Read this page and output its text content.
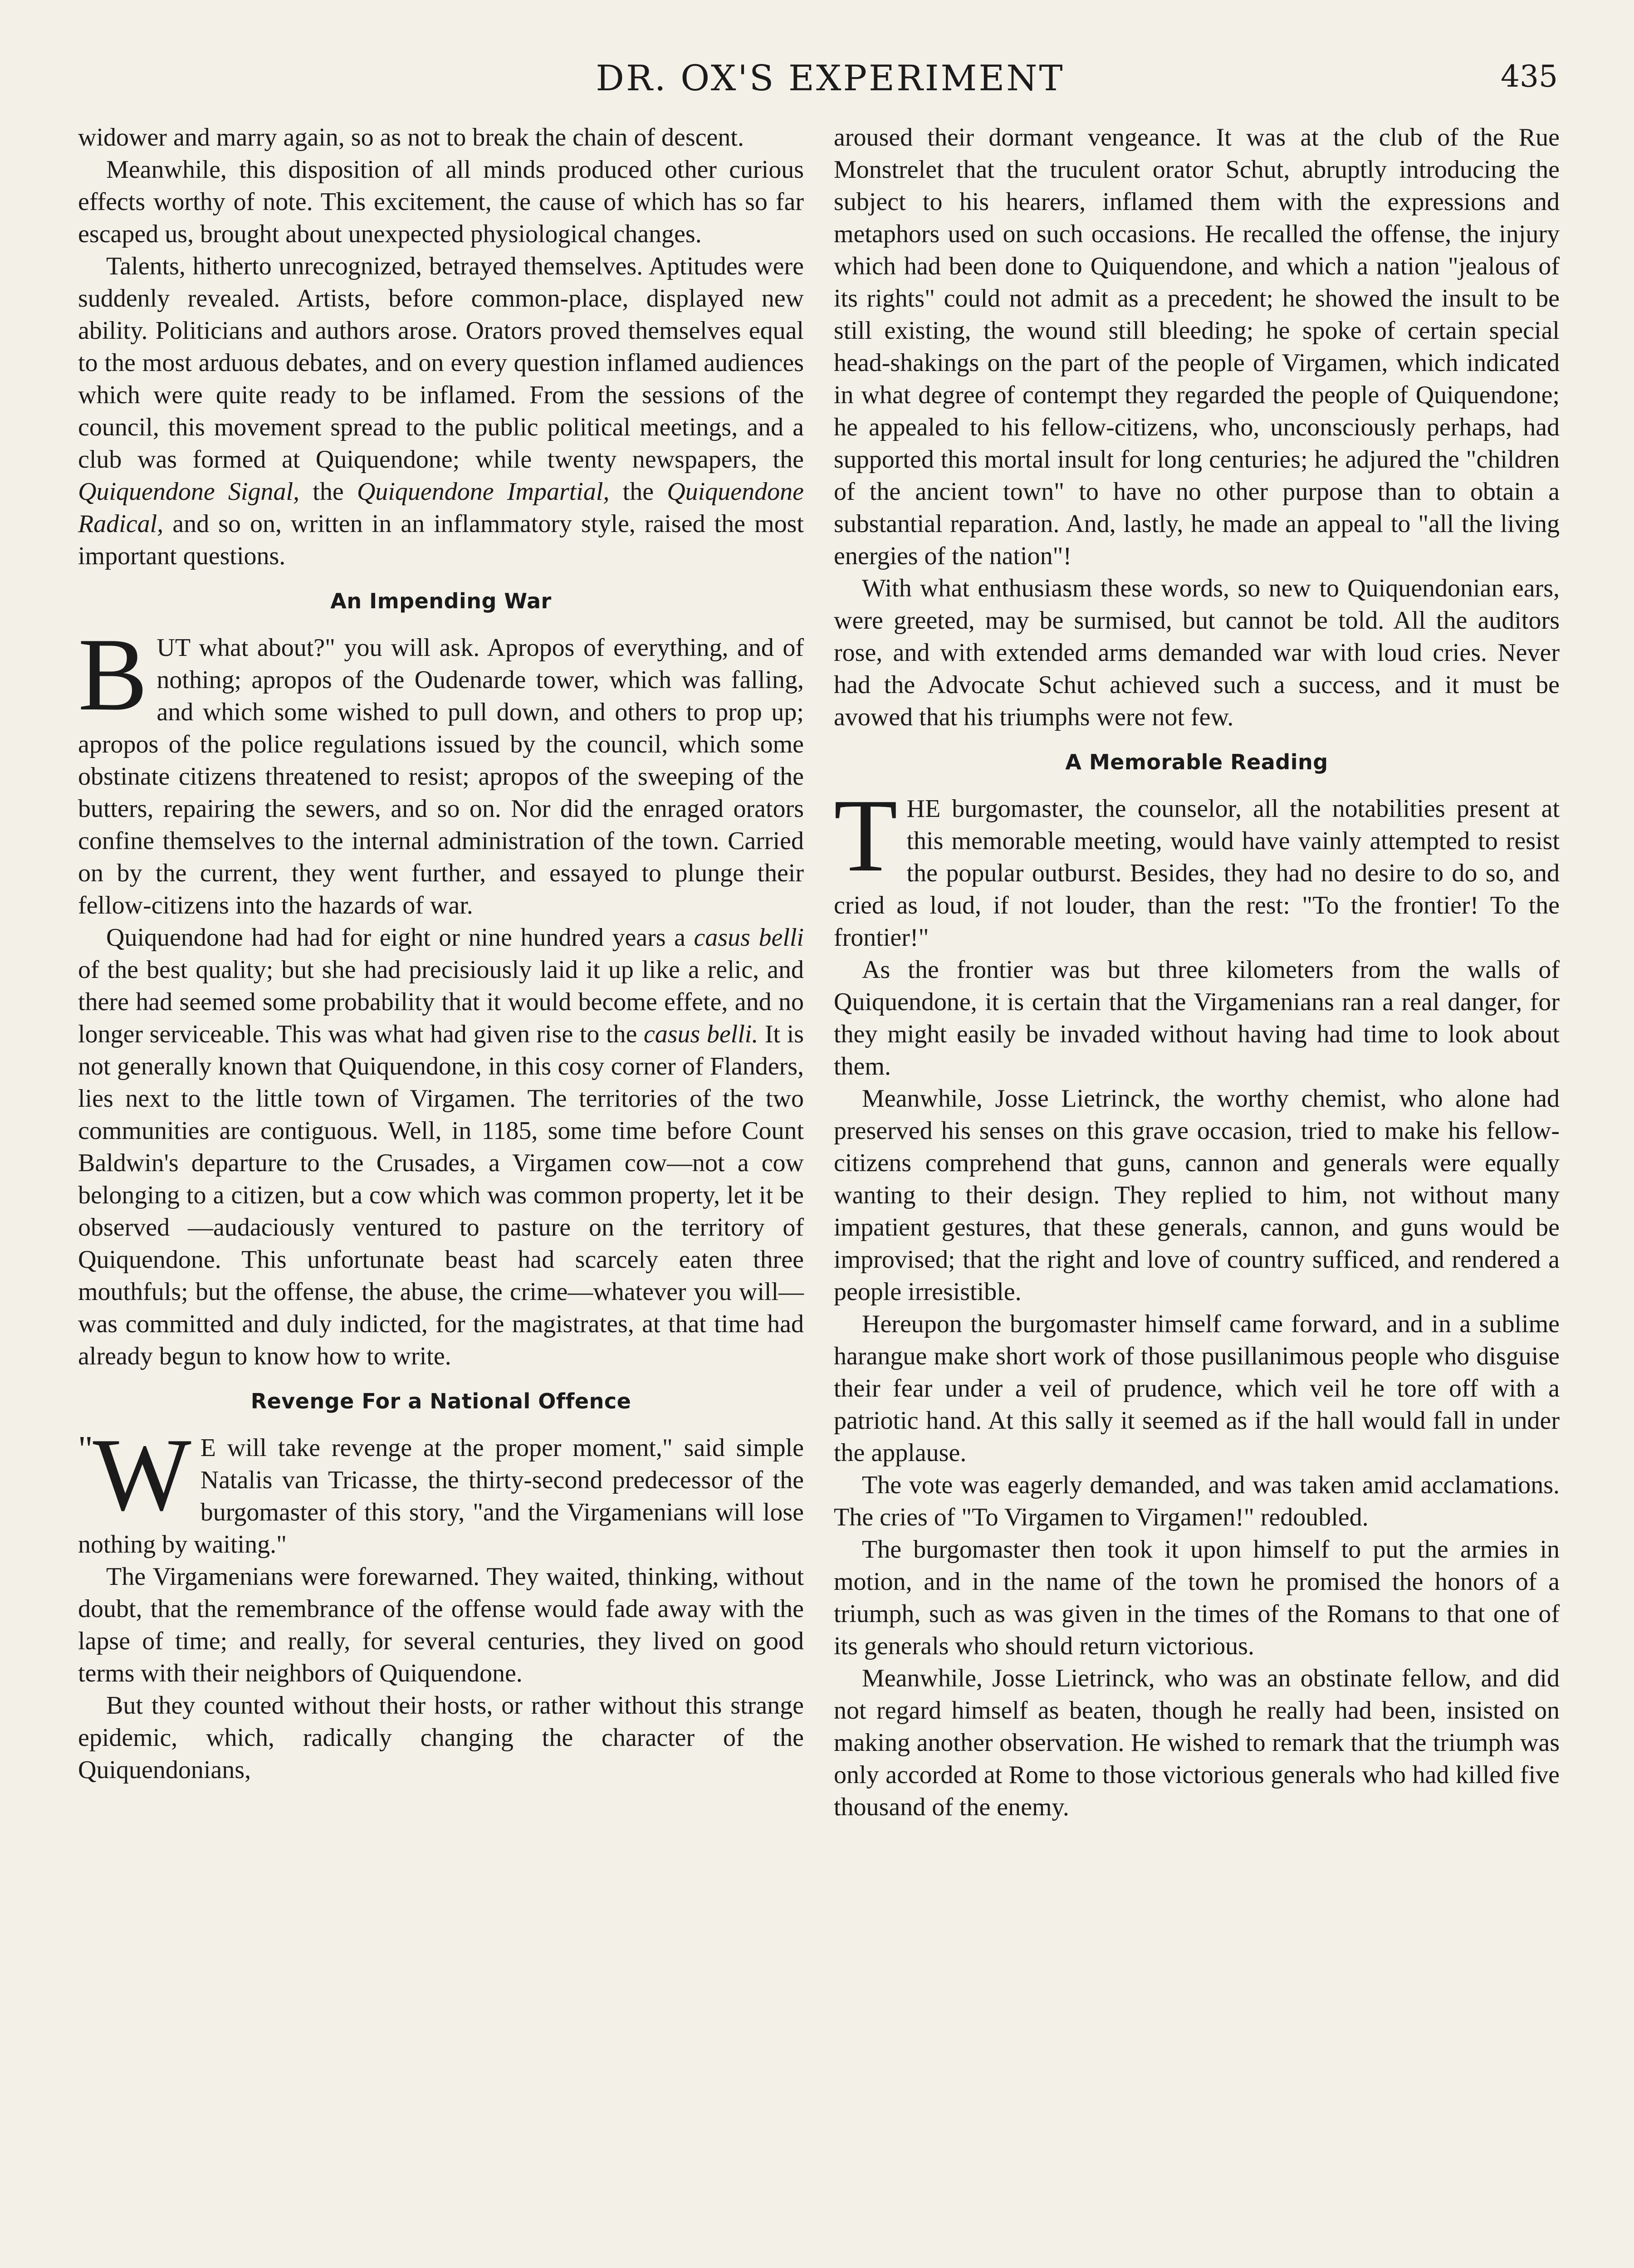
DR. OX'S EXPERIMENT	435

widower and marry again, so as not to break the chain of descent.

Meanwhile, this disposition of all minds produced other curious effects worthy of note. This excitement, the cause of which has so far escaped us, brought about unexpected physiological changes.

Talents, hitherto unrecognized, betrayed themselves. Aptitudes were suddenly revealed. Artists, before common-place, displayed new ability. Politicians and authors arose. Orators proved themselves equal to the most arduous debates, and on every question inflamed audiences which were quite ready to be inflamed. From the sessions of the council, this movement spread to the public political meetings, and a club was formed at Quiquendone; while twenty newspapers, the Quiquendone Signal, the Quiquendone Impartial, the Quiquendone Radical, and so on, written in an inflammatory style, raised the most important questions.

An Impending War

BUT what about?" you will ask. Apropos of everything, and of nothing; apropos of the Oudenarde tower, which was falling, and which some wished to pull down, and others to prop up; apropos of the police regulations issued by the council, which some obstinate citizens threatened to resist; apropos of the sweeping of the butters, repairing the sewers, and so on. Nor did the enraged orators confine themselves to the internal administration of the town. Carried on by the current, they went further, and essayed to plunge their fellow-citizens into the hazards of war.

Quiquendone had had for eight or nine hundred years a casus belli of the best quality; but she had precisiously laid it up like a relic, and there had seemed some probability that it would become effete, and no longer serviceable. This was what had given rise to the casus belli. It is not generally known that Quiquendone, in this cosy corner of Flanders, lies next to the little town of Virgamen. The territories of the two communities are contiguous. Well, in 1185, some time before Count Baldwin's departure to the Crusades, a Virgamen cow—not a cow belonging to a citizen, but a cow which was common property, let it be observed —audaciously ventured to pasture on the territory of Quiquendone. This unfortunate beast had scarcely eaten three mouthfuls; but the offense, the abuse, the crime—whatever you will—was committed and duly indicted, for the magistrates, at that time had already begun to know how to write.

Revenge For a National Offence

"W E will take revenge at the proper moment," said simple Natalis van Tricasse, the thirty-second predecessor of the burgomaster of this story, "and the Virgamenians will lose nothing by waiting."

The Virgamenians were forewarned. They waited, thinking, without doubt, that the remembrance of the offense would fade away with the lapse of time; and really, for several centuries, they lived on good terms with their neighbors of Quiquendone.

But they counted without their hosts, or rather without this strange epidemic, which, radically changing the character of the Quiquendonians,

aroused their dormant vengeance. It was at the club of the Rue Monstrelet that the truculent orator Schut, abruptly introducing the subject to his hearers, inflamed them with the expressions and metaphors used on such occasions. He recalled the offense, the injury which had been done to Quiquendone, and which a nation "jealous of its rights" could not admit as a precedent; he showed the insult to be still existing, the wound still bleeding; he spoke of certain special head-shakings on the part of the people of Virgamen, which indicated in what degree of contempt they regarded the people of Quiquendone; he appealed to his fellow-citizens, who, unconsciously perhaps, had supported this mortal insult for long centuries; he adjured the "children of the ancient town" to have no other purpose than to obtain a substantial reparation. And, lastly, he made an appeal to "all the living energies of the nation"!

With what enthusiasm these words, so new to Quiquendonian ears, were greeted, may be surmised, but cannot be told. All the auditors rose, and with extended arms demanded war with loud cries. Never had the Advocate Schut achieved such a success, and it must be avowed that his triumphs were not few.

A Memorable Reading

THE burgomaster, the counselor, all the notabilities present at this memorable meeting, would have vainly attempted to resist the popular outburst. Besides, they had no desire to do so, and cried as loud, if not louder, than the rest: "To the frontier! To the frontier!"

As the frontier was but three kilometers from the walls of Quiquendone, it is certain that the Virgamenians ran a real danger, for they might easily be invaded without having had time to look about them.

Meanwhile, Josse Lietrinck, the worthy chemist, who alone had preserved his senses on this grave occasion, tried to make his fellow-citizens comprehend that guns, cannon and generals were equally wanting to their design. They replied to him, not without many impatient gestures, that these generals, cannon, and guns would be improvised; that the right and love of country sufficed, and rendered a people irresistible.

Hereupon the burgomaster himself came forward, and in a sublime harangue make short work of those pusillanimous people who disguise their fear under a veil of prudence, which veil he tore off with a patriotic hand. At this sally it seemed as if the hall would fall in under the applause.

The vote was eagerly demanded, and was taken amid acclamations. The cries of "To Virgamen to Virgamen!" redoubled.

The burgomaster then took it upon himself to put the armies in motion, and in the name of the town he promised the honors of a triumph, such as was given in the times of the Romans to that one of its generals who should return victorious.

Meanwhile, Josse Lietrinck, who was an obstinate fellow, and did not regard himself as beaten, though he really had been, insisted on making another observation. He wished to remark that the triumph was only accorded at Rome to those victorious generals who had killed five thousand of the enemy.
